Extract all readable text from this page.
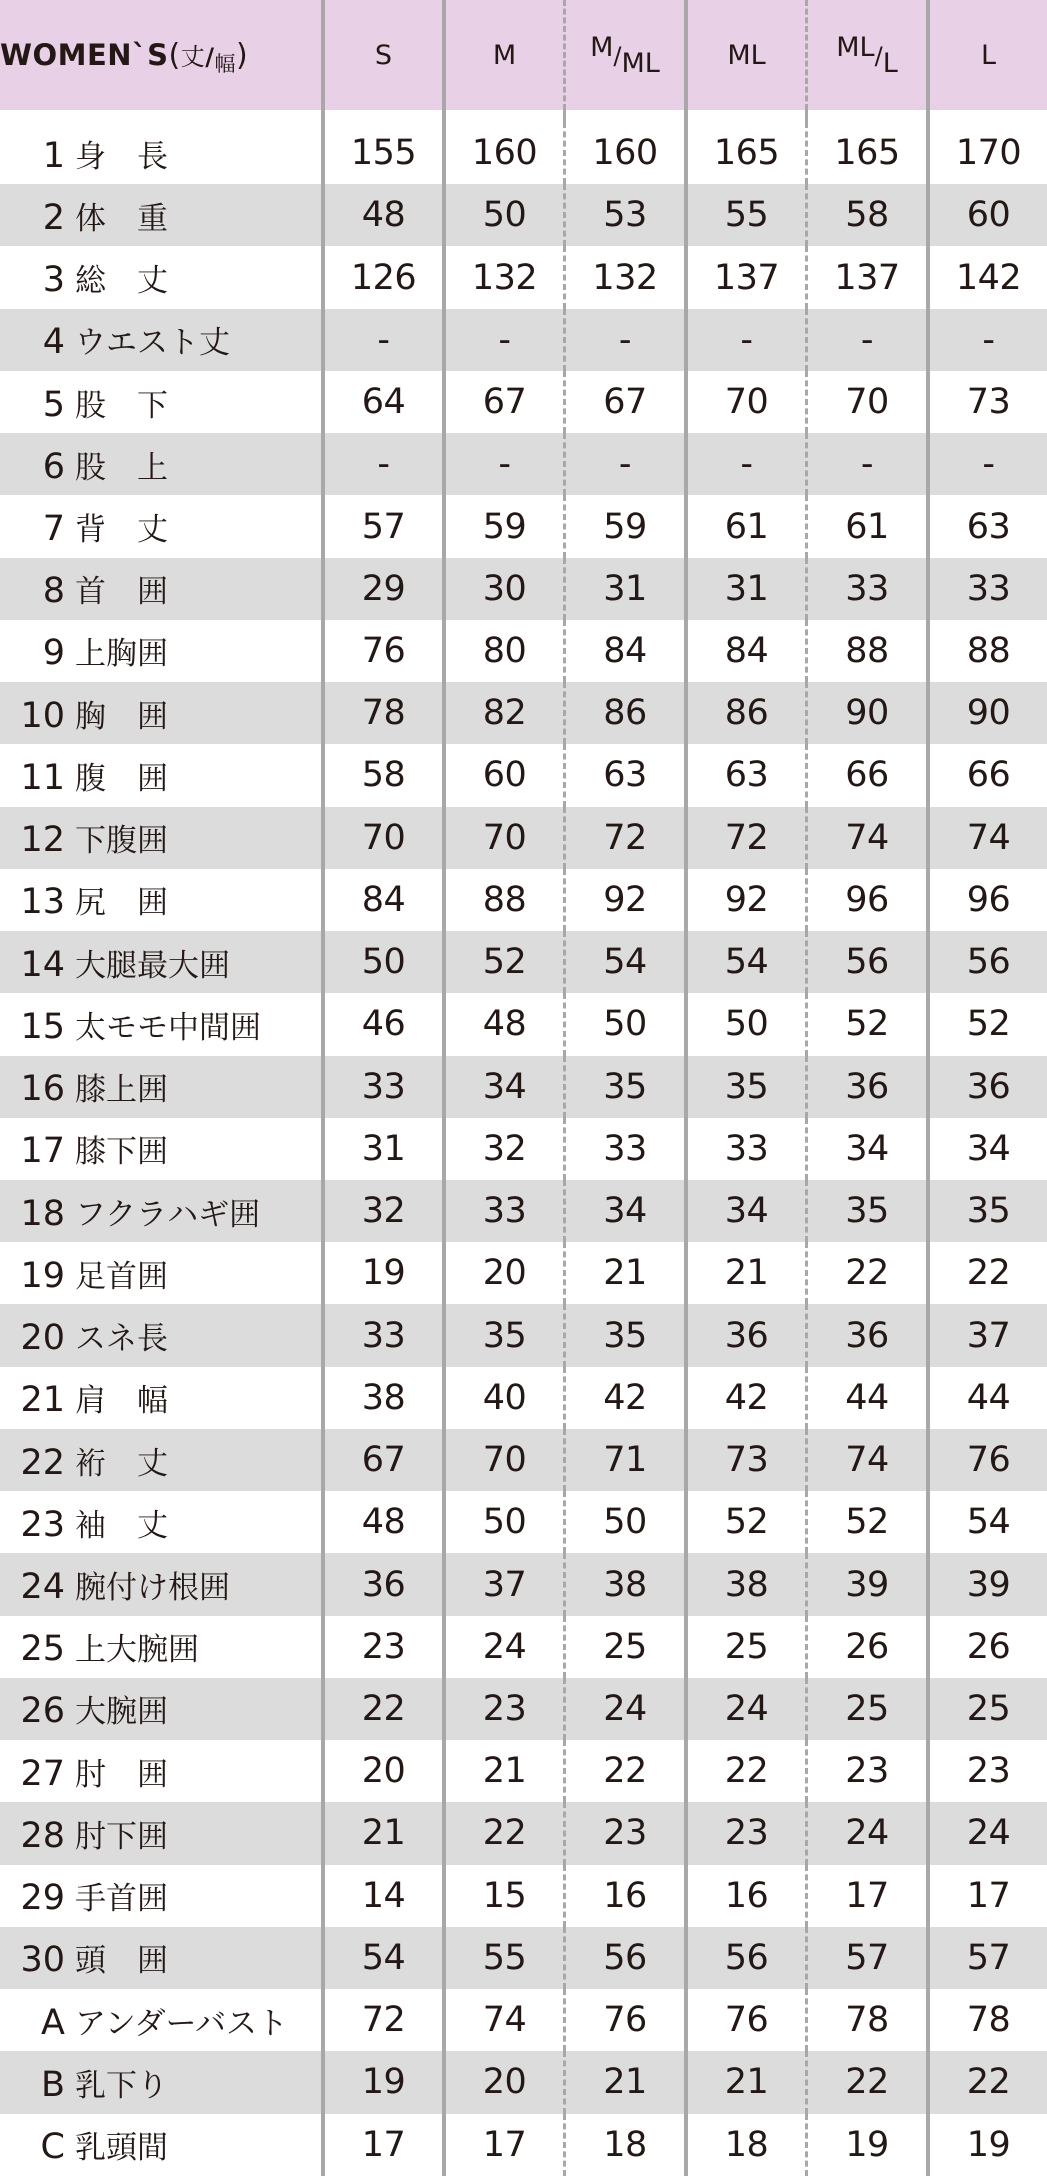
WOMEN`S(丈$/_幅$)	S	M	M/ML	ML	ML/L	L

1 身　長	155	160	160	165	165	170
2 体　重	48	50	53	55	58	60
3 総　丈	126	132	132	137	137	142
4 ウエスト丈	-	-	-	-	-	-
5 股　下	64	67	67	70	70	73
6 股　上	-	-	-	-	-	-
7 背　丈	57	59	59	61	61	63
8 首　囲	29	30	31	31	33	33
9 上胸囲	76	80	84	84	88	88
10 胸　囲	78	82	86	86	90	90
11 腹　囲	58	60	63	63	66	66
12 下腹囲	70	70	72	72	74	74
13 尻　囲	84	88	92	92	96	96
14 大腿最大囲	50	52	54	54	56	56
15 太モモ中間囲	46	48	50	50	52	52
16 膝上囲	33	34	35	35	36	36
17 膝下囲	31	32	33	33	34	34
18 フクラハギ囲	32	33	34	34	35	35
19 足首囲	19	20	21	21	22	22
20 スネ長	33	35	35	36	36	37
21 肩　幅	38	40	42	42	44	44
22 裄　丈	67	70	71	73	74	76
23 袖　丈	48	50	50	52	52	54
24 腕付け根囲	36	37	38	38	39	39
25 上大腕囲	23	24	25	25	26	26
26 大腕囲	22	23	24	24	25	25
27 肘　囲	20	21	22	22	23	23
28 肘下囲	21	22	23	23	24	24
29 手首囲	14	15	16	16	17	17
30 頭　囲	54	55	56	56	57	57
A アンダーバスト	72	74	76	76	78	78
B 乳下り	19	20	21	21	22	22
C 乳頭間	17	17	18	18	19	19
